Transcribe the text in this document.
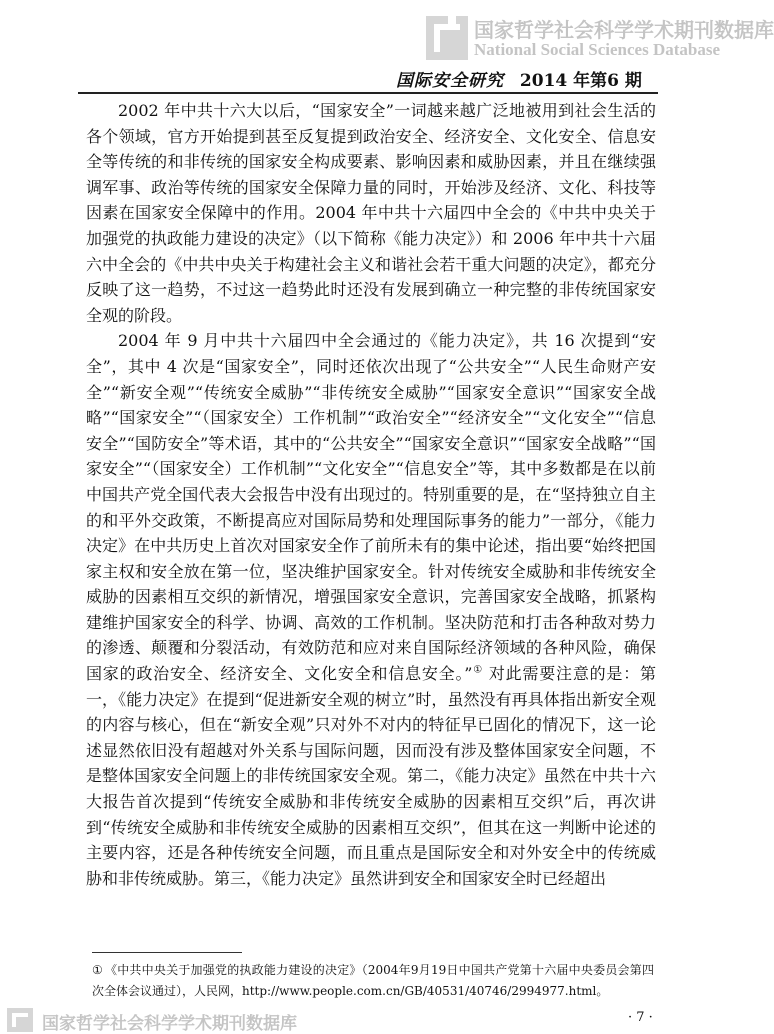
国家哲学社会科学学术期刊数据库
National Social Sciences Database
国际安全研究 2014 年第6 期

2002 年中共十六大以后，“国家安全”一词越来越广泛地被用到社会生活的各个领域，官方开始提到甚至反复提到政治安全、经济安全、文化安全、信息安全等传统的和非传统的国家安全构成要素、影响因素和威胁因素，并且在继续强调军事、政治等传统的国家安全保障力量的同时，开始涉及经济、文化、科技等因素在国家安全保障中的作用。2004 年中共十六届四中全会的《中共中央关于加强党的执政能力建设的决定》（以下简称《能力决定》）和 2006 年中共十六届六中全会的《中共中央关于构建社会主义和谐社会若干重大问题的决定》，都充分反映了这一趋势，不过这一趋势此时还没有发展到确立一种完整的非传统国家安全观的阶段。

2004 年 9 月中共十六届四中全会通过的《能力决定》，共 16 次提到“安全”，其中 4 次是“国家安全”，同时还依次出现了“公共安全”“人民生命财产安全”“新安全观”“传统安全威胁”“非传统安全威胁”“国家安全意识”“国家安全战略”“国家安全”“（国家安全）工作机制”“政治安全”“经济安全”“文化安全”“信息安全”“国防安全”等术语，其中的“公共安全”“国家安全意识”“国家安全战略”“国家安全”“（国家安全）工作机制”“文化安全”“信息安全”等，其中多数都是在以前中国共产党全国代表大会报告中没有出现过的。特别重要的是，在“坚持独立自主的和平外交政策，不断提高应对国际局势和处理国际事务的能力”一部分，《能力决定》在中共历史上首次对国家安全作了前所未有的集中论述，指出要“始终把国家主权和安全放在第一位，坚决维护国家安全。针对传统安全威胁和非传统安全威胁的因素相互交织的新情况，增强国家安全意识，完善国家安全战略，抓紧构建维护国家安全的科学、协调、高效的工作机制。坚决防范和打击各种敌对势力的渗透、颠覆和分裂活动，有效防范和应对来自国际经济领域的各种风险，确保国家的政治安全、经济安全、文化安全和信息安全。”① 对此需要注意的是：第一，《能力决定》在提到“促进新安全观的树立”时，虽然没有再具体指出新安全观的内容与核心，但在“新安全观”只对外不对内的特征早已固化的情况下，这一论述显然依旧没有超越对外关系与国际问题，因而没有涉及整体国家安全问题，不是整体国家安全问题上的非传统国家安全观。第二，《能力决定》虽然在中共十六大报告首次提到“传统安全威胁和非传统安全威胁的因素相互交织”后，再次讲到“传统安全威胁和非传统安全威胁的因素相互交织”，但其在这一判断中论述的主要内容，还是各种传统安全问题，而且重点是国际安全和对外安全中的传统威胁和非传统威胁。第三，《能力决定》虽然讲到安全和国家安全时已经超出

① 《中共中央关于加强党的执政能力建设的决定》（2004年9月19日中国共产党第十六届中央委员会第四次全体会议通过），人民网，http://www.people.com.cn/GB/40531/40746/2994977.html。
国家哲学社会科学学术期刊数据库	· 7 ·
